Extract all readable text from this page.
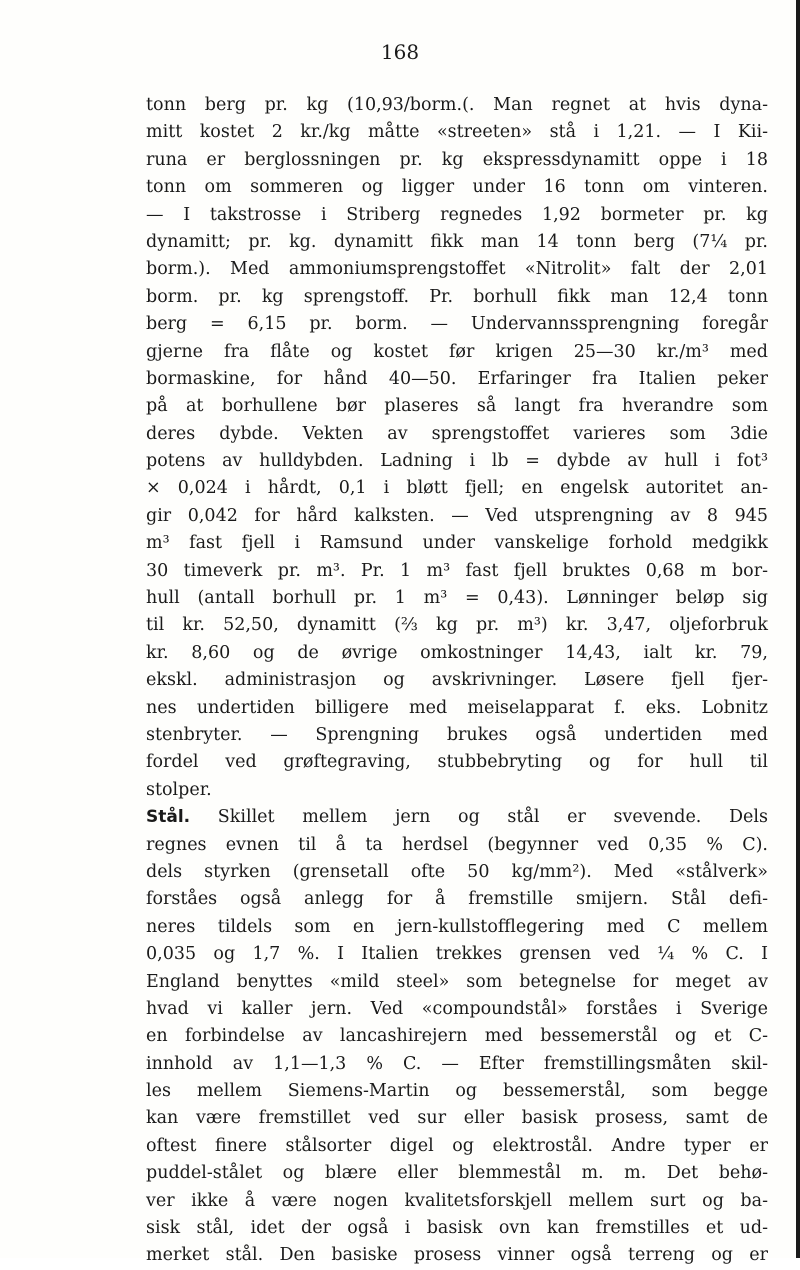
168
tonn berg pr. kg (10,93/borm.(. Man regnet at hvis dyna-
mitt kostet 2 kr./kg måtte «streeten» stå i 1,21. — I Kii-
runa er berglossningen pr. kg ekspressdynamitt oppe i 18
tonn om sommeren og ligger under 16 tonn om vinteren.
— I takstrosse i Striberg regnedes 1,92 bormeter pr. kg
dynamitt; pr. kg. dynamitt fikk man 14 tonn berg (7¼ pr.
borm.). Med ammoniumsprengstoffet «Nitrolit» falt der 2,01
borm. pr. kg sprengstoff. Pr. borhull fikk man 12,4 tonn
berg = 6,15 pr. borm. — Undervannssprengning foregår
gjerne fra flåte og kostet før krigen 25—30 kr./m³ med
bormaskine, for hånd 40—50. Erfaringer fra Italien peker
på at borhullene bør plaseres så langt fra hverandre som
deres dybde. Vekten av sprengstoffet varieres som 3die
potens av hulldybden. Ladning i lb = dybde av hull i fot³
× 0,024 i hårdt, 0,1 i bløtt fjell; en engelsk autoritet an-
gir 0,042 for hård kalksten. — Ved utsprengning av 8 945
m³ fast fjell i Ramsund under vanskelige forhold medgikk
30 timeverk pr. m³. Pr. 1 m³ fast fjell bruktes 0,68 m bor-
hull (antall borhull pr. 1 m³ = 0,43). Lønninger beløp sig
til kr. 52,50, dynamitt (⅔ kg pr. m³) kr. 3,47, oljeforbruk
kr. 8,60 og de øvrige omkostninger 14,43, ialt kr. 79,
ekskl. administrasjon og avskrivninger. Løsere fjell fjer-
nes undertiden billigere med meiselapparat f. eks. Lobnitz
stenbryter. — Sprengning brukes også undertiden med
fordel ved grøftegraving, stubbebryting og for hull til
stolper.
Stål. Skillet mellem jern og stål er svevende. Dels
regnes evnen til å ta herdsel (begynner ved 0,35 % C).
dels styrken (grensetall ofte 50 kg/mm²). Med «stålverk»
forståes også anlegg for å fremstille smijern. Stål defi-
neres tildels som en jern-kullstofflegering med C mellem
0,035 og 1,7 %. I Italien trekkes grensen ved ¼ % C. I
England benyttes «mild steel» som betegnelse for meget av
hvad vi kaller jern. Ved «compoundstål» forståes i Sverige
en forbindelse av lancashirejern med bessemerstål og et C-
innhold av 1,1—1,3 % C. — Efter fremstillingsmåten skil-
les mellem Siemens-Martin og bessemerstål, som begge
kan være fremstillet ved sur eller basisk prosess, samt de
oftest finere stålsorter digel og elektrostål. Andre typer er
puddel-stålet og blære eller blemmestål m. m. Det behø-
ver ikke å være nogen kvalitetsforskjell mellem surt og ba-
sisk stål, idet der også i basisk ovn kan fremstilles et ud-
merket stål. Den basiske prosess vinner også terreng og er
